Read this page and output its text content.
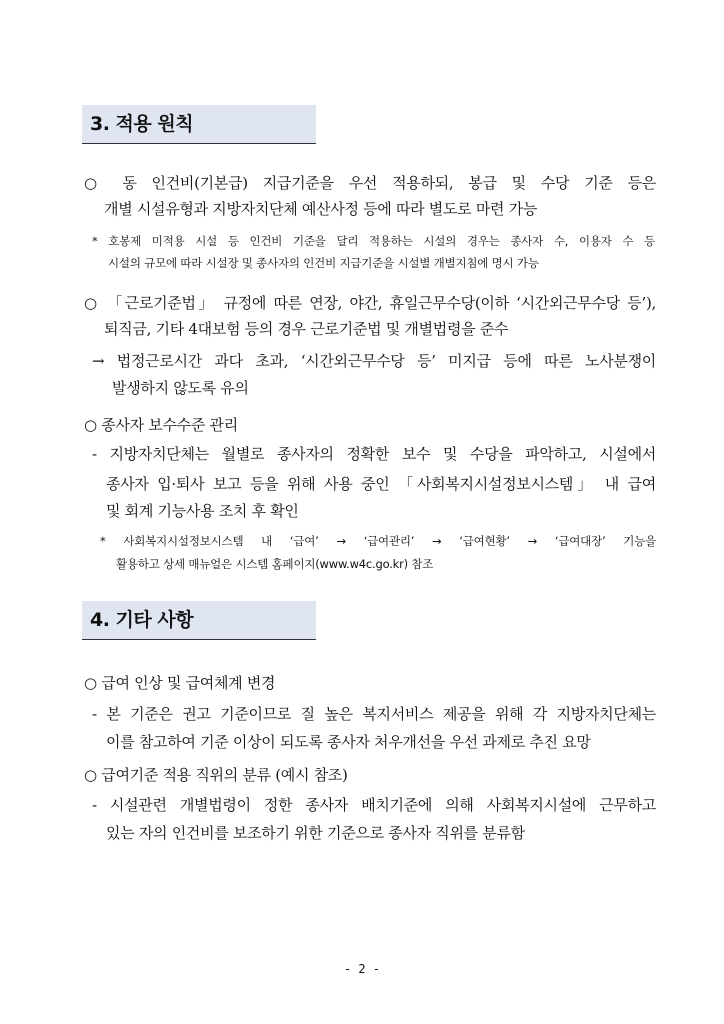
3. 적용 원칙
○ 동 인건비(기본급) 지급기준을 우선 적용하되, 봉급 및 수당 기준 등은
개별 시설유형과 지방자치단체 예산사정 등에 따라 별도로 마련 가능
* 호봉제 미적용 시설 등 인건비 기준을 달리 적용하는 시설의 경우는 종사자 수, 이용자 수 등
시설의 규모에 따라 시설장 및 종사자의 인건비 지급기준을 시설별 개별지침에 명시 가능
○ 「근로기준법」 규정에 따른 연장, 야간, 휴일근무수당(이하 ‘시간외근무수당 등’),
퇴직금, 기타 4대보험 등의 경우 근로기준법 및 개별법령을 준수
→ 법정근로시간 과다 초과, ‘시간외근무수당 등’ 미지급 등에 따른 노사분쟁이
발생하지 않도록 유의
○ 종사자 보수수준 관리
- 지방자치단체는 월별로 종사자의 정확한 보수 및 수당을 파악하고, 시설에서
종사자 입·퇴사 보고 등을 위해 사용 중인 「사회복지시설정보시스템」 내 급여
및 회계 기능사용 조치 후 확인
* 사회복지시설정보시스템 내 ‘급여’ → ‘급여관리’ → ‘급여현황’ → ‘급여대장’ 기능을
활용하고 상세 매뉴얼은 시스템 홈페이지(www.w4c.go.kr) 참조
4. 기타 사항
○ 급여 인상 및 급여체계 변경
- 본 기준은 권고 기준이므로 질 높은 복지서비스 제공을 위해 각 지방자치단체는
이를 참고하여 기준 이상이 되도록 종사자 처우개선을 우선 과제로 추진 요망
○ 급여기준 적용 직위의 분류 (예시 참조)
- 시설관련 개별법령이 정한 종사자 배치기준에 의해 사회복지시설에 근무하고
있는 자의 인건비를 보조하기 위한 기준으로 종사자 직위를 분류함
- 2 -
